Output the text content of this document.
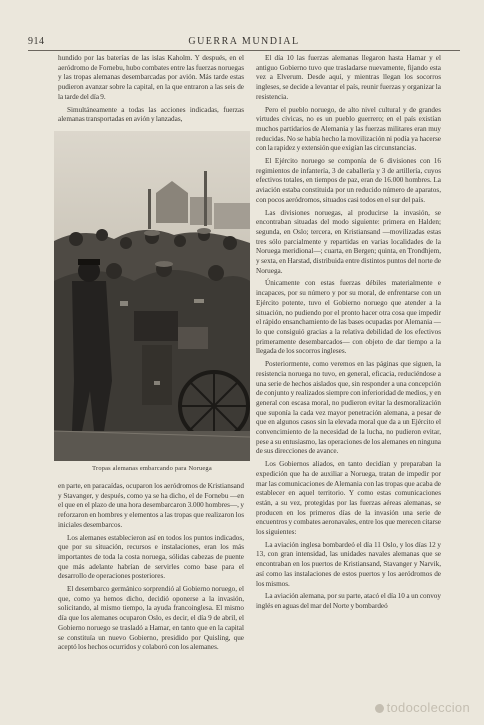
914	GUERRA MUNDIAL

hundido por las baterías de las islas Kaholm. Y después, en el aeródromo de Fornebu, hubo combates entre las fuerzas noruegas y las tropas alemanas desembarcadas por avión. Más tarde estas pudieron avanzar sobre la capital, en la que entraron a las seis de la tarde del día 9.

Simultáneamente a todas las acciones indicadas, fuerzas alemanas transportadas en avión y lanzadas,

Tropas alemanas embarcando para Noruega

en parte, en paracaídas, ocuparon los aeródromos de Kristiansand y Stavanger, y después, como ya se ha dicho, el de Fornebu —en el que en el plazo de una hora desembarcaron 3.000 hombres—, y reforzaron en hombres y elementos a las tropas que realizaron los iniciales desembarcos.

Los alemanes establecieron así en todos los puntos indicados, que por su situación, recursos e instalaciones, eran los más importantes de toda la costa noruega, sólidas cabezas de puente que más adelante habrían de servirles como base para el desarrollo de operaciones posteriores.

El desembarco germánico sorprendió al Gobierno noruego, el que, como ya hemos dicho, decidió oponerse a la invasión, solicitando, al mismo tiempo, la ayuda francoinglesa. El mismo día que los alemanes ocuparon Oslo, es decir, el día 9 de abril, el Gobierno noruego se trasladó a Hamar, en tanto que en la capital se constituía un nuevo Gobierno, presidido por Quisling, que aceptó los hechos ocurridos y colaboró con los alemanes.

El día 10 las fuerzas alemanas llegaron hasta Hamar y el antiguo Gobierno tuvo que trasladarse nuevamente, fijando esta vez a Elverum. Desde aquí, y mientras llegan los socorros ingleses, se decide a levantar el país, reunir fuerzas y organizar la resistencia.

Pero el pueblo noruego, de alto nivel cultural y de grandes virtudes cívicas, no es un pueblo guerrero; en el país existían muchos partidarios de Alemania y las fuerzas militares eran muy reducidas. No se había hecho la movilización ni podía ya hacerse con la rapidez y extensión que exigían las circunstancias.

El Ejército noruego se componía de 6 divisiones con 16 regimientos de infantería, 3 de caballería y 3 de artillería, cuyos efectivos totales, en tiempos de paz, eran de 16.000 hombres. La aviación estaba constituida por un reducido número de aparatos, con pocos aeródromos, situados casi todos en el sur del país.

Las divisiones noruegas, al producirse la invasión, se encontraban situadas del modo siguiente: primera en Halden; segunda, en Oslo; tercera, en Kristiansand —movilizadas estas tres sólo parcialmente y repartidas en varias localidades de la Noruega meridional—; cuarta, en Bergen; quinta, en Trondhjem, y sexta, en Harstad, distribuida entre distintos puntos del norte de Noruega.

Únicamente con estas fuerzas débiles materialmente e incapaces, por su número y por su moral, de enfrentarse con un Ejército potente, tuvo el Gobierno noruego que atender a la situación, no pudiendo por el pronto hacer otra cosa que impedir el rápido ensanchamiento de las bases ocupadas por Alemania —lo que consiguió gracias a la relativa debilidad de los efectivos primeramente desembarcados— con objeto de dar tiempo a la llegada de los socorros ingleses.

Posteriormente, como veremos en las páginas que siguen, la resistencia noruega no tuvo, en general, eficacia, reduciéndose a una serie de hechos aislados que, sin responder a una concepción de conjunto y realizados siempre con inferioridad de medios, y en general con escasa moral, no pudieron evitar la desmoralización que suponía la cada vez mayor penetración alemana, a pesar de que en algunos casos sin la elevada moral que da a un Ejército el convencimiento de la necesidad de la lucha, no pudieron evitar, pese a su entusiasmo, las operaciones de los alemanes en ninguna de sus direcciones de avance.

Los Gobiernos aliados, en tanto decidían y preparaban la expedición que ha de auxiliar a Noruega, tratan de impedir por mar las comunicaciones de Alemania con las tropas que acaba de establecer en aquel territorio. Y como estas comunicaciones están, a su vez, protegidas por las fuerzas aéreas alemanas, se producen en los primeros días de la invasión una serie de encuentros y combates aeronavales, entre los que merecen citarse los siguientes:

La aviación inglesa bombardeó el día 11 Oslo, y los días 12 y 13, con gran intensidad, las unidades navales alemanas que se encontraban en los puertos de Kristiansand, Stavanger y Narvik, así como las instalaciones de estos puertos y los aeródromos de los mismos.

La aviación alemana, por su parte, atacó el día 10 a un convoy inglés en aguas del mar del Norte y bombardeó

todocoleccion
